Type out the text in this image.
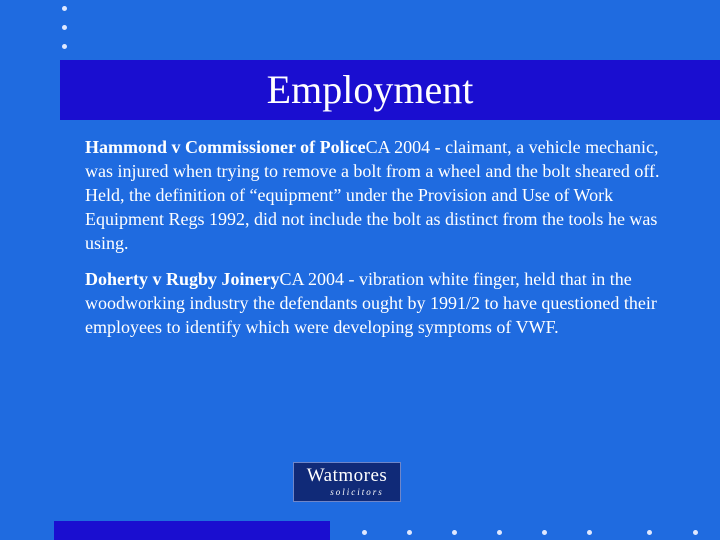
Employment

Hammond v Commissioner of PoliceCA 2004 - claimant, a vehicle mechanic, was injured when trying to remove a bolt from a wheel and the bolt sheared off. Held, the definition of “equipment” under the Provision and Use of Work Equipment Regs 1992, did not include the bolt as distinct from the tools he was using.

Doherty v Rugby JoineryCA 2004 - vibration white finger, held that in the woodworking industry the defendants ought by 1991/2 to have questioned their employees to identify which were developing symptoms of VWF.

Watmores
solicitors
